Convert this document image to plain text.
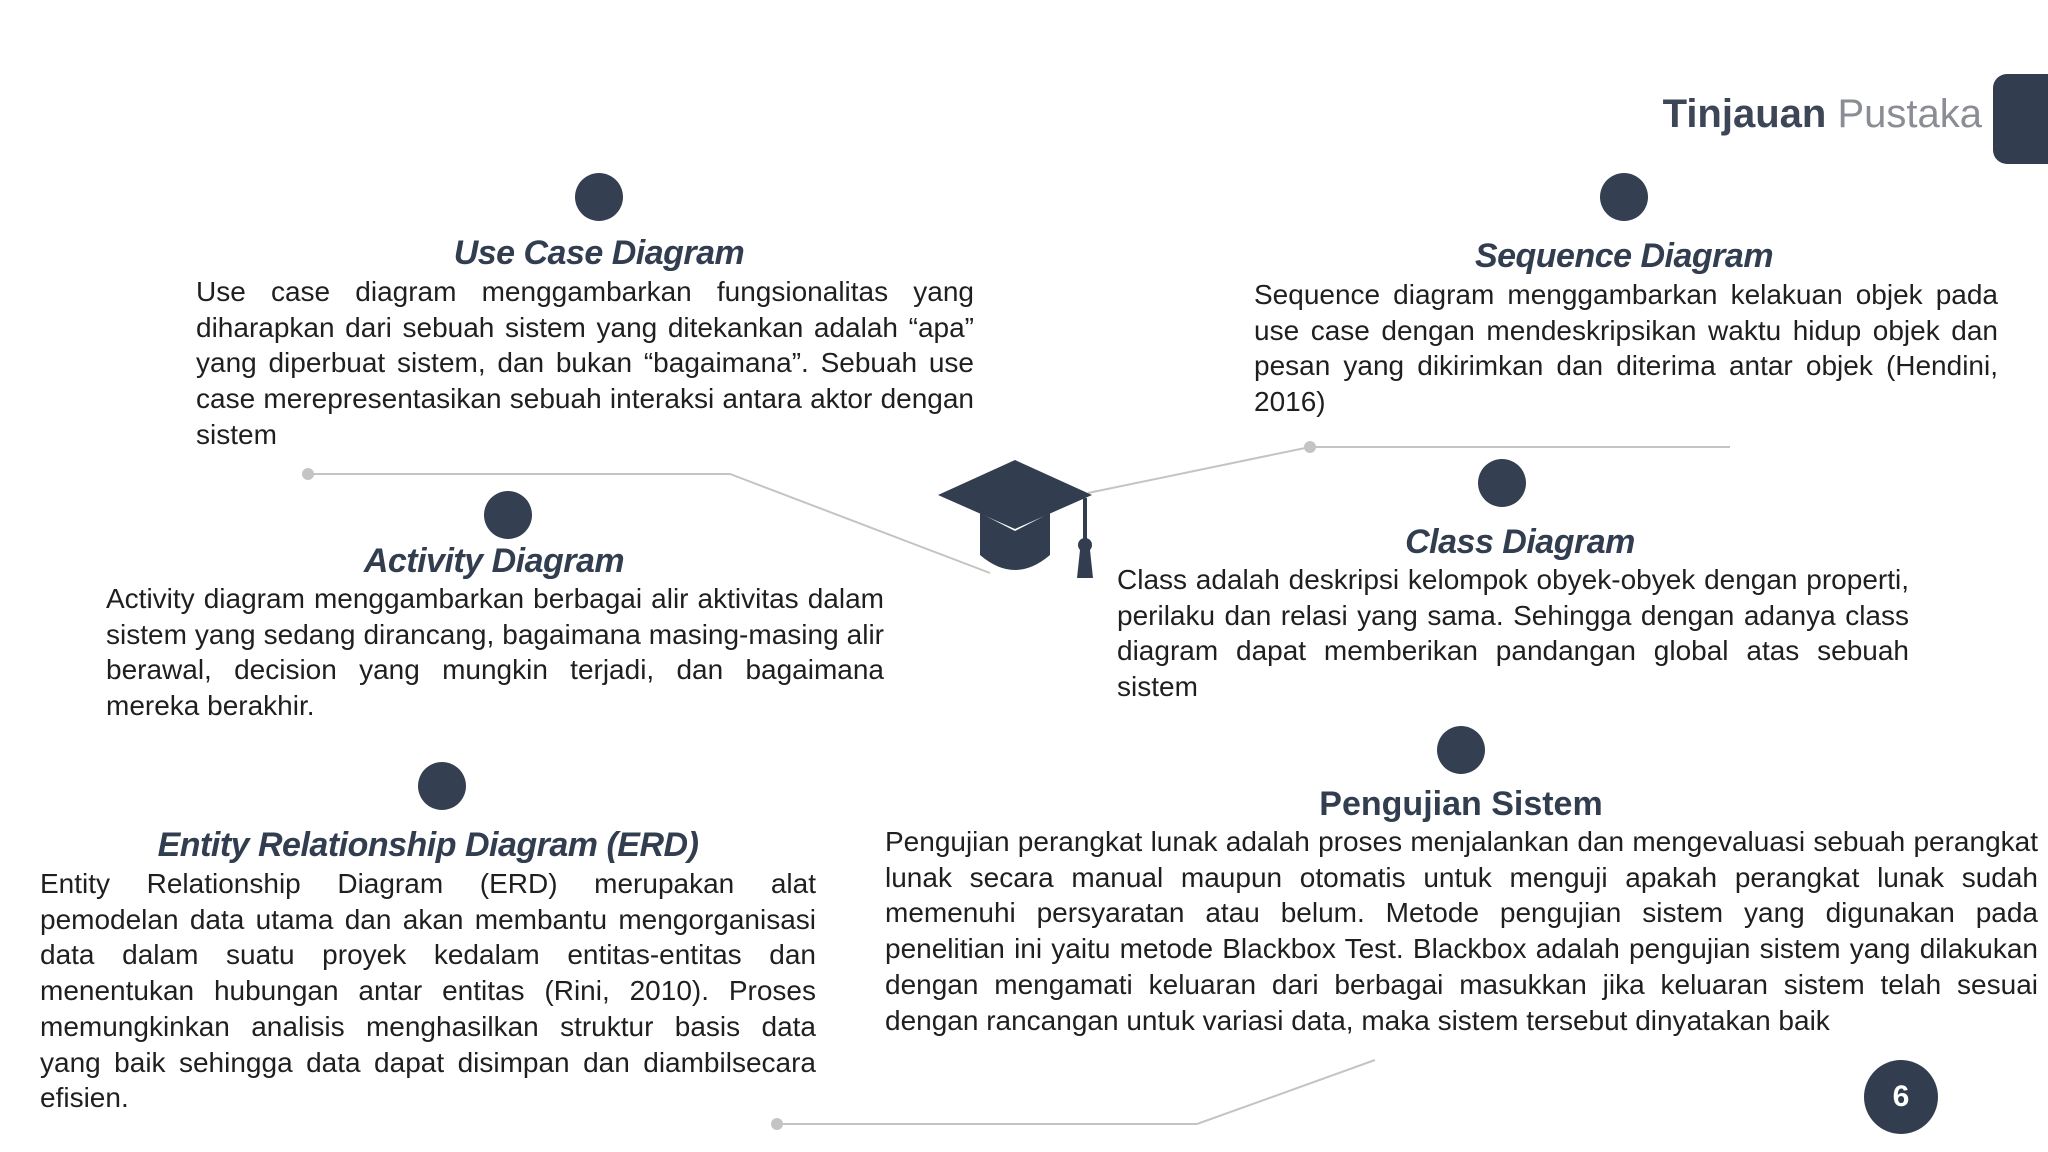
Tinjauan Pustaka
Use Case Diagram
Use case diagram menggambarkan fungsionalitas yang diharapkan dari sebuah sistem yang ditekankan adalah “apa” yang diperbuat sistem, dan bukan “bagaimana”. Sebuah use case merepresentasikan sebuah interaksi antara aktor dengan sistem
Activity Diagram
Activity diagram menggambarkan berbagai alir aktivitas dalam sistem yang sedang dirancang, bagaimana masing-masing alir berawal, decision yang mungkin terjadi, dan bagaimana mereka berakhir.
Entity Relationship Diagram (ERD)
Entity Relationship Diagram (ERD) merupakan alat pemodelan data utama dan akan membantu mengorganisasi data dalam suatu proyek kedalam entitas-entitas dan menentukan hubungan antar entitas (Rini, 2010). Proses memungkinkan analisis menghasilkan struktur basis data yang baik sehingga data dapat disimpan dan diambilsecara efisien.
Sequence Diagram
Sequence diagram menggambarkan kelakuan objek pada use case dengan mendeskripsikan waktu hidup objek dan pesan yang dikirimkan dan diterima antar objek (Hendini, 2016)
Class Diagram
Class adalah deskripsi kelompok obyek-obyek dengan properti, perilaku dan relasi yang sama. Sehingga dengan adanya class diagram dapat memberikan pandangan global atas sebuah sistem
Pengujian Sistem
Pengujian perangkat lunak adalah proses menjalankan dan mengevaluasi sebuah perangkat lunak secara manual maupun otomatis untuk menguji apakah perangkat lunak sudah memenuhi persyaratan atau belum. Metode pengujian sistem yang digunakan pada penelitian ini yaitu metode Blackbox Test. Blackbox adalah pengujian sistem yang dilakukan dengan mengamati keluaran dari berbagai masukkan jika keluaran sistem telah sesuai dengan rancangan untuk variasi data, maka sistem tersebut dinyatakan baik
6
